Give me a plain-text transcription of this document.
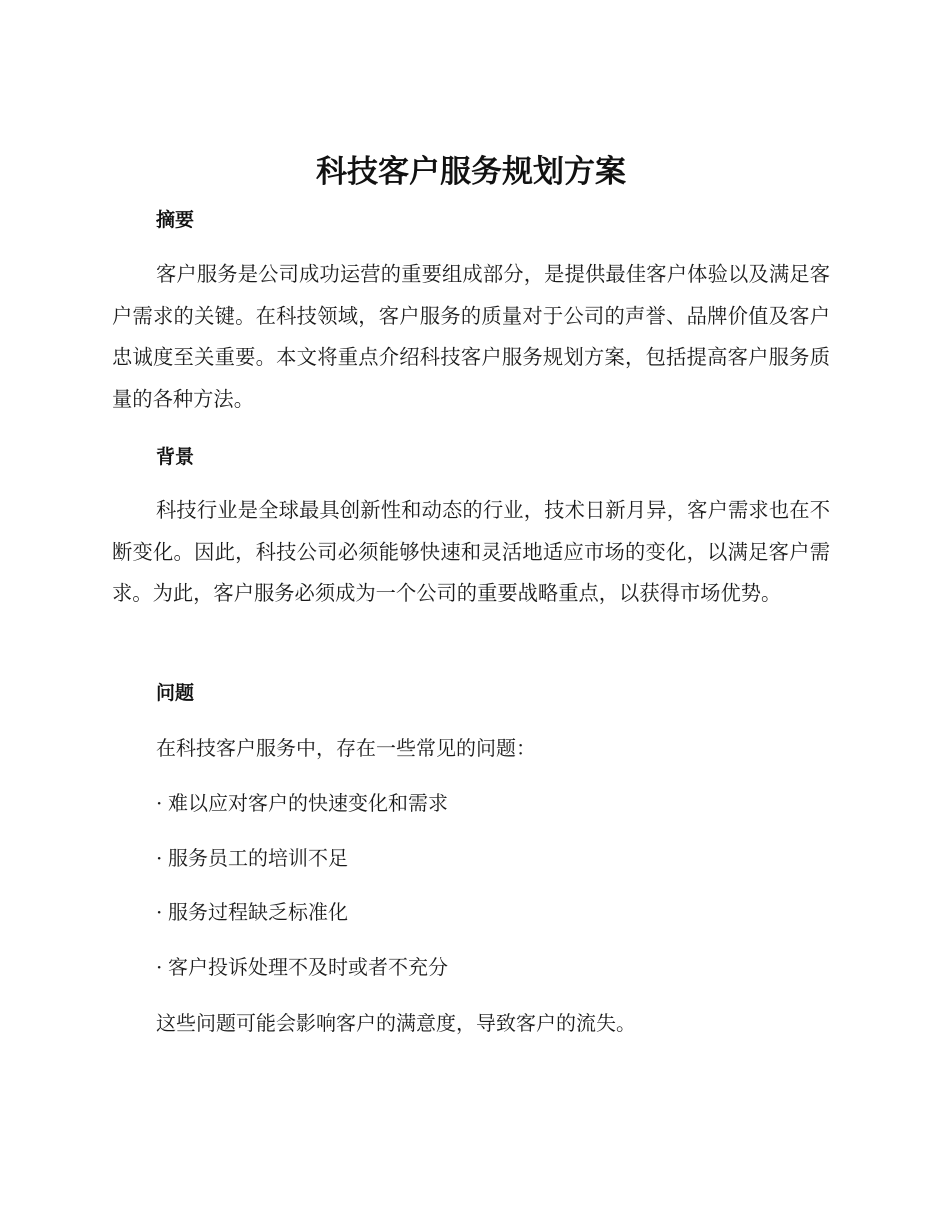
科技客户服务规划方案
摘要

客户服务是公司成功运营的重要组成部分，是提供最佳客户体验以及满足客户需求的关键。在科技领域，客户服务的质量对于公司的声誉、品牌价值及客户忠诚度至关重要。本文将重点介绍科技客户服务规划方案，包括提高客户服务质量的各种方法。

背景

科技行业是全球最具创新性和动态的行业，技术日新月异，客户需求也在不断变化。因此，科技公司必须能够快速和灵活地适应市场的变化，以满足客户需求。为此，客户服务必须成为一个公司的重要战略重点，以获得市场优势。

问题

在科技客户服务中，存在一些常见的问题：

· 难以应对客户的快速变化和需求

· 服务员工的培训不足

· 服务过程缺乏标准化

· 客户投诉处理不及时或者不充分

这些问题可能会影响客户的满意度，导致客户的流失。
